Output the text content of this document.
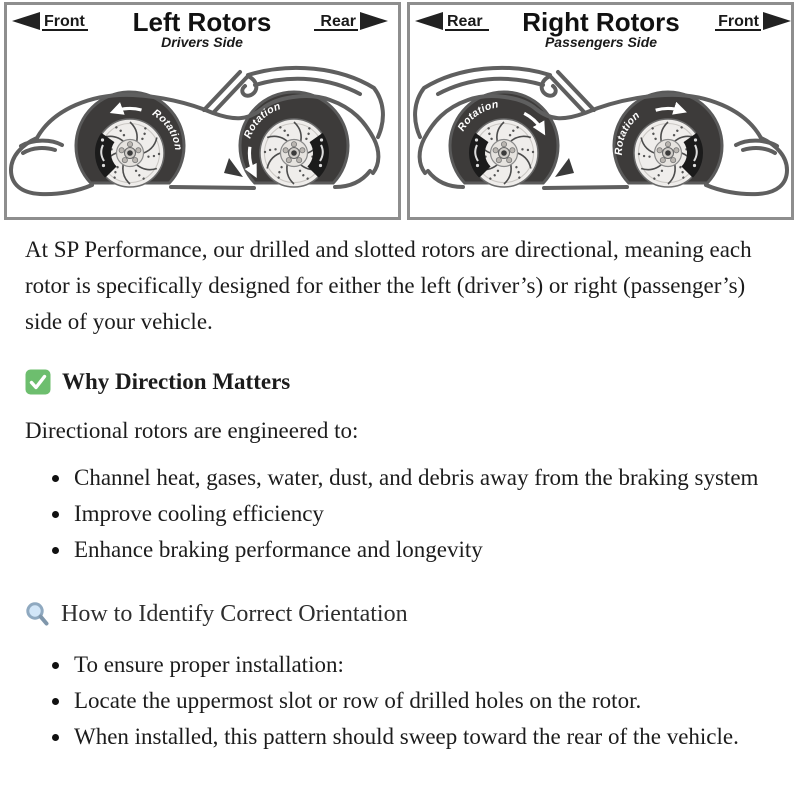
Front Left Rotors
Drivers Side
Rear	Rear Right Rotors
Passengers Side
Front
Rotation
Rotation
Rotation
Rotation

At SP Performance, our drilled and slotted rotors are directional, meaning each rotor is specifically designed for either the left (driver’s) or right (passenger’s) side of your vehicle.

Why Direction Matters

Directional rotors are engineered to:

• Channel heat, gases, water, dust, and debris away from the braking system
• Improve cooling efficiency
• Enhance braking performance and longevity
How to Identify Correct Orientation
• To ensure proper installation:
• Locate the uppermost slot or row of drilled holes on the rotor.
• When installed, this pattern should sweep toward the rear of the vehicle.
